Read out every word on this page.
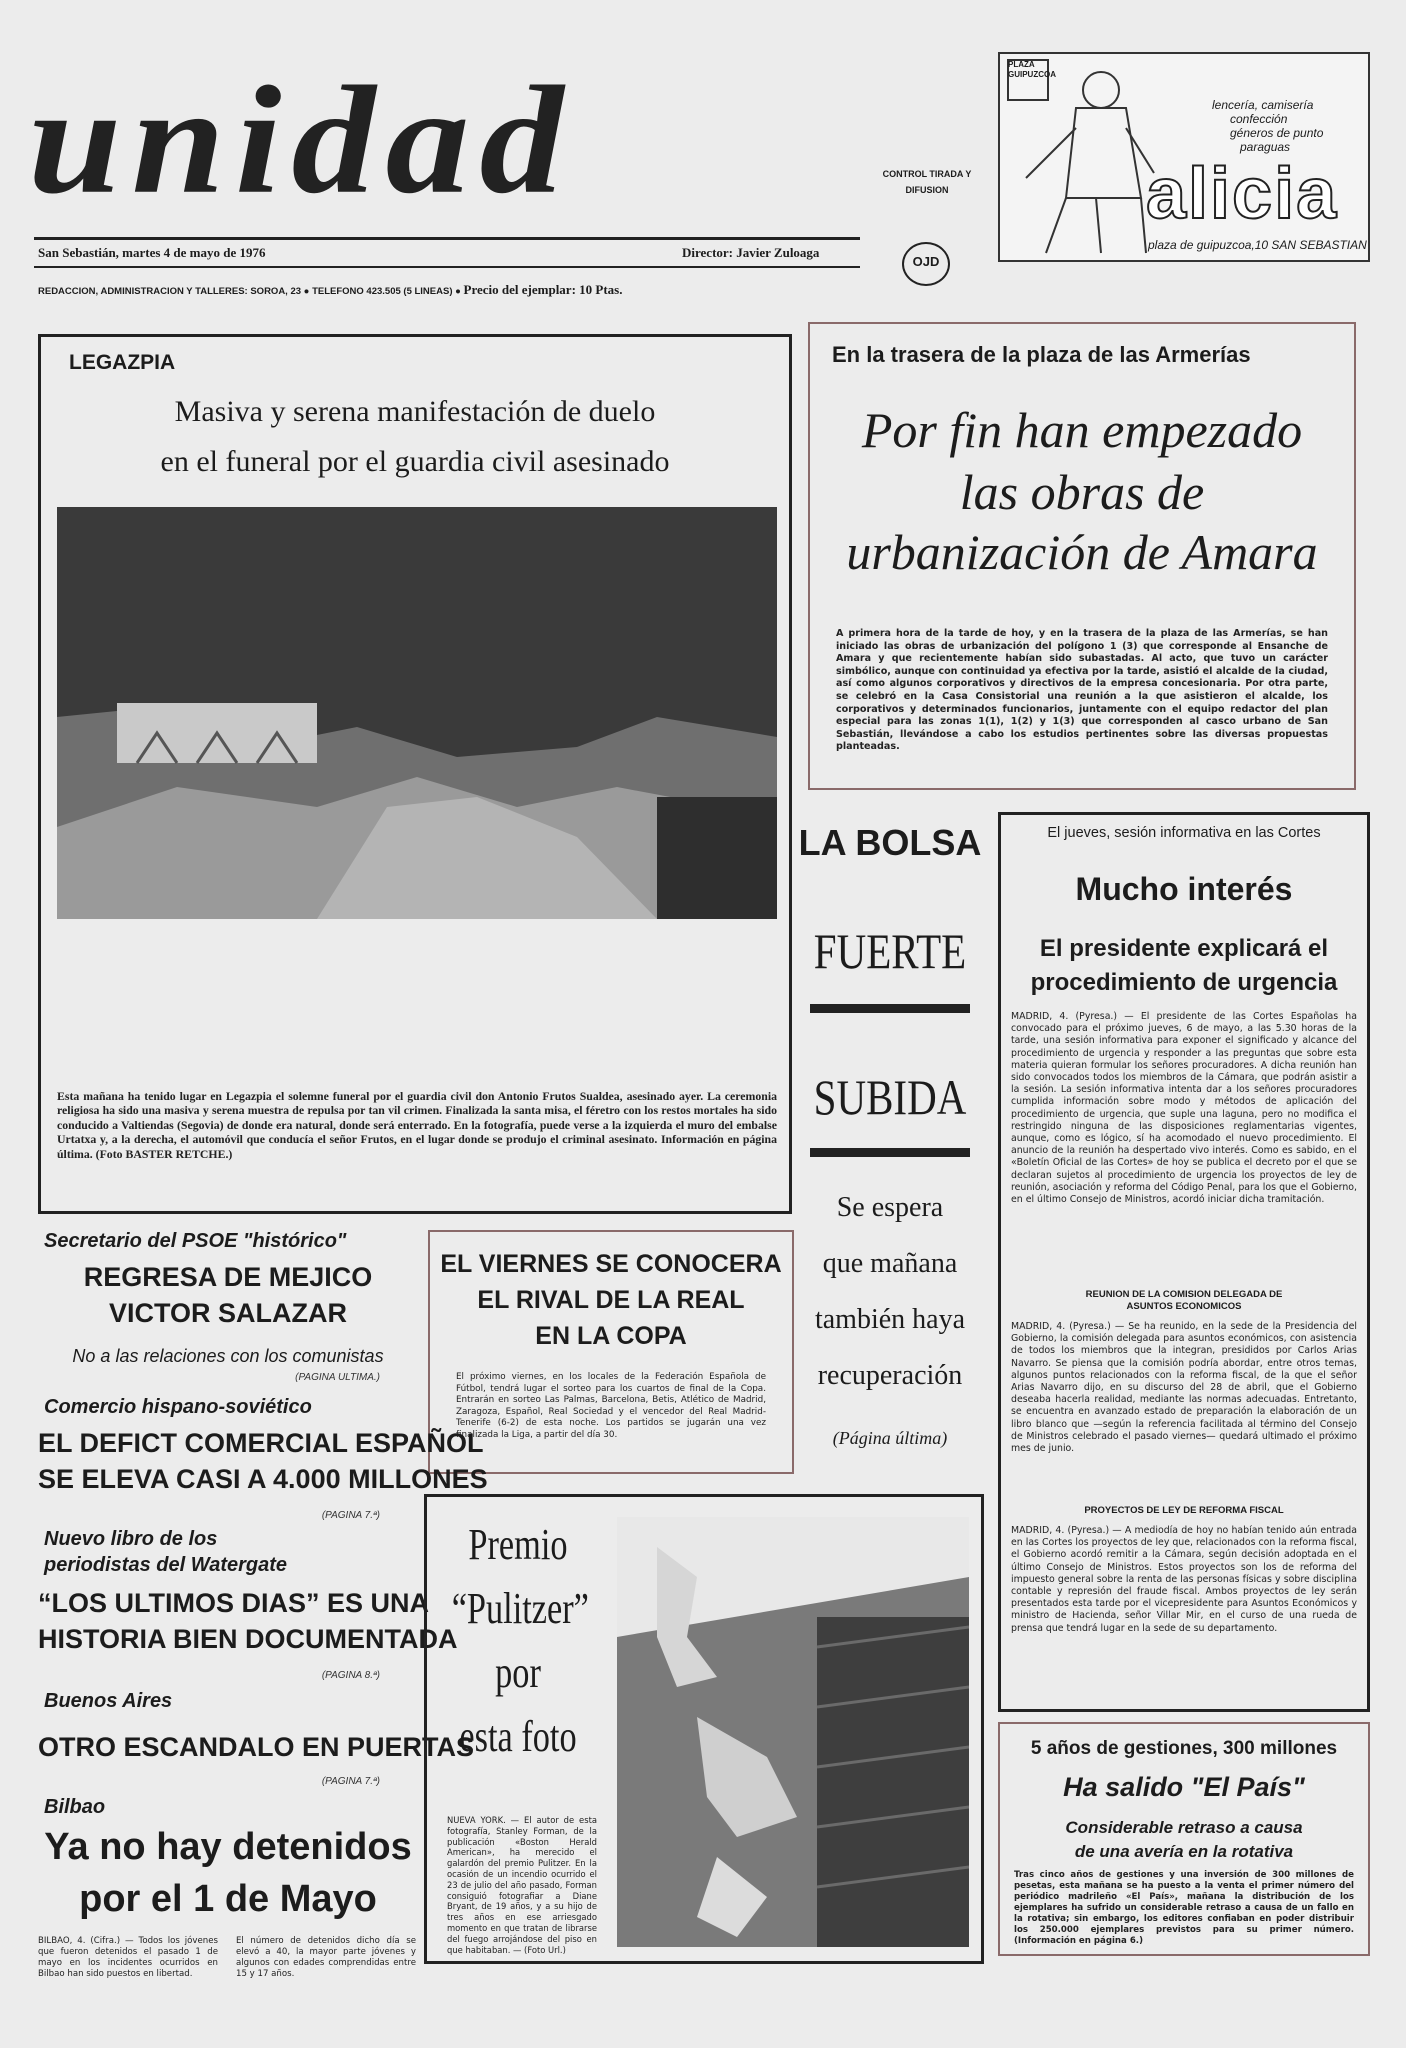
unidad	CONTROL TIRADA Y DIFUSION
San Sebastián, martes 4 de mayo de 1976	Director: Javier Zuloaga
REDACCION, ADMINISTRACION Y TALLERES: SOROA, 23 ● TELEFONO 423.505 (5 LINEAS) ● Precio del ejemplar: 10 Ptas.
OJD
PLAZA GUIPUZCOA
lencería, camisería
confección
géneros de punto
paraguas
alicia
plaza de guipuzcoa,10 SAN SEBASTIAN
LEGAZPIA
Masiva y serena manifestación de duelo
en el funeral por el guardia civil asesinado

Esta mañana ha tenido lugar en Legazpia el solemne funeral por el guardia civil don Antonio Frutos Sualdea, asesinado ayer. La ceremonia religiosa ha sido una masiva y serena muestra de repulsa por tan vil crimen. Finalizada la santa misa, el féretro con los restos mortales ha sido conducido a Valtiendas (Segovia) de donde era natural, donde será enterrado. En la fotografía, puede verse a la izquierda el muro del embalse Urtatxa y, a la derecha, el automóvil que conducía el señor Frutos, en el lugar donde se produjo el criminal asesinato. Información en página última. (Foto BASTER RETCHE.)

En la trasera de la plaza de las Armerías
Por fin han empezado
las obras de
urbanización de Amara

A primera hora de la tarde de hoy, y en la trasera de la plaza de las Armerías, se han iniciado las obras de urbanización del polígono 1 (3) que corresponde al Ensanche de Amara y que recientemente habían sido subastadas. Al acto, que tuvo un carácter simbólico, aunque con continuidad ya efectiva por la tarde, asistió el alcalde de la ciudad, así como algunos corporativos y directivos de la empresa concesionaria. Por otra parte, se celebró en la Casa Consistorial una reunión a la que asistieron el alcalde, los corporativos y determinados funcionarios, juntamente con el equipo redactor del plan especial para las zonas 1(1), 1(2) y 1(3) que corresponden al casco urbano de San Sebastián, llevándose a cabo los estudios pertinentes sobre las diversas propuestas planteadas.

LA BOLSA
FUERTE
SUBIDA
Se espera
que mañana
también haya
recuperación
(Página última)
El jueves, sesión informativa en las Cortes
Mucho interés
El presidente explicará el
procedimiento de urgencia

MADRID, 4. (Pyresa.) — El presidente de las Cortes Españolas ha convocado para el próximo jueves, 6 de mayo, a las 5.30 horas de la tarde, una sesión informativa para exponer el significado y alcance del procedimiento de urgencia y responder a las preguntas que sobre esta materia quieran formular los señores procuradores. A dicha reunión han sido convocados todos los miembros de la Cámara, que podrán asistir a la sesión. La sesión informativa intenta dar a los señores procuradores cumplida información sobre modo y métodos de aplicación del procedimiento de urgencia, que suple una laguna, pero no modifica el restringido ninguna de las disposiciones reglamentarias vigentes, aunque, como es lógico, sí ha acomodado el nuevo procedimiento. El anuncio de la reunión ha despertado vivo interés. Como es sabido, en el «Boletín Oficial de las Cortes» de hoy se publica el decreto por el que se declaran sujetos al procedimiento de urgencia los proyectos de ley de reunión, asociación y reforma del Código Penal, para los que el Gobierno, en el último Consejo de Ministros, acordó iniciar dicha tramitación.

REUNION DE LA COMISION DELEGADA DE
ASUNTOS ECONOMICOS

MADRID, 4. (Pyresa.) — Se ha reunido, en la sede de la Presidencia del Gobierno, la comisión delegada para asuntos económicos, con asistencia de todos los miembros que la integran, presididos por Carlos Arias Navarro. Se piensa que la comisión podría abordar, entre otros temas, algunos puntos relacionados con la reforma fiscal, de la que el señor Arias Navarro dijo, en su discurso del 28 de abril, que el Gobierno deseaba hacerla realidad, mediante las normas adecuadas. Entretanto, se encuentra en avanzado estado de preparación la elaboración de un libro blanco que —según la referencia facilitada al término del Consejo de Ministros celebrado el pasado viernes— quedará ultimado el próximo mes de junio.

PROYECTOS DE LEY DE REFORMA FISCAL

MADRID, 4. (Pyresa.) — A mediodía de hoy no habían tenido aún entrada en las Cortes los proyectos de ley que, relacionados con la reforma fiscal, el Gobierno acordó remitir a la Cámara, según decisión adoptada en el último Consejo de Ministros. Estos proyectos son los de reforma del impuesto general sobre la renta de las personas físicas y sobre disciplina contable y represión del fraude fiscal. Ambos proyectos de ley serán presentados esta tarde por el vicepresidente para Asuntos Económicos y ministro de Hacienda, señor Villar Mir, en el curso de una rueda de prensa que tendrá lugar en la sede de su departamento.

5 años de gestiones, 300 millones
Ha salido "El País"
Considerable retraso a causa
de una avería en la rotativa

Tras cinco años de gestiones y una inversión de 300 millones de pesetas, esta mañana se ha puesto a la venta el primer número del periódico madrileño «El País», mañana la distribución de los ejemplares ha sufrido un considerable retraso a causa de un fallo en la rotativa; sin embargo, los editores confiaban en poder distribuir los 250.000 ejemplares previstos para su primer número. (Información en página 6.)

EL VIERNES SE CONOCERA
EL RIVAL DE LA REAL
EN LA COPA

El próximo viernes, en los locales de la Federación Española de Fútbol, tendrá lugar el sorteo para los cuartos de final de la Copa. Entrarán en sorteo Las Palmas, Barcelona, Betis, Atlético de Madrid, Zaragoza, Español, Real Sociedad y el vencedor del Real Madrid-Tenerife (6-2) de esta noche. Los partidos se jugarán una vez finalizada la Liga, a partir del día 30.

Secretario del PSOE "histórico"
REGRESA DE MEJICO
VICTOR SALAZAR
No a las relaciones con los comunistas

(PAGINA ULTIMA.)

Comercio hispano-soviético
EL DEFICT COMERCIAL ESPAÑOL
SE ELEVA CASI A 4.000 MILLONES

(PAGINA 7.ª)

Nuevo libro de los
periodistas del Watergate
“LOS ULTIMOS DIAS” ES UNA
HISTORIA BIEN DOCUMENTADA

(PAGINA 8.ª)

Buenos Aires
OTRO ESCANDALO EN PUERTAS

(PAGINA 7.ª)

Bilbao
Ya no hay detenidos
por el 1 de Mayo

BILBAO, 4. (Cifra.) — Todos los jóvenes que fueron detenidos el pasado 1 de mayo en los incidentes ocurridos en Bilbao han sido puestos en libertad.

El número de detenidos dicho día se elevó a 40, la mayor parte jóvenes y algunos con edades comprendidas entre 15 y 17 años.

Premio
“Pulitzer”
por
esta foto

NUEVA YORK. — El autor de esta fotografía, Stanley Forman, de la publicación «Boston Herald American», ha merecido el galardón del premio Pulitzer. En la ocasión de un incendio ocurrido el 23 de julio del año pasado, Forman consiguió fotografiar a Diane Bryant, de 19 años, y a su hijo de tres años en ese arriesgado momento en que tratan de librarse del fuego arrojándose del piso en que habitaban. — (Foto Url.)
